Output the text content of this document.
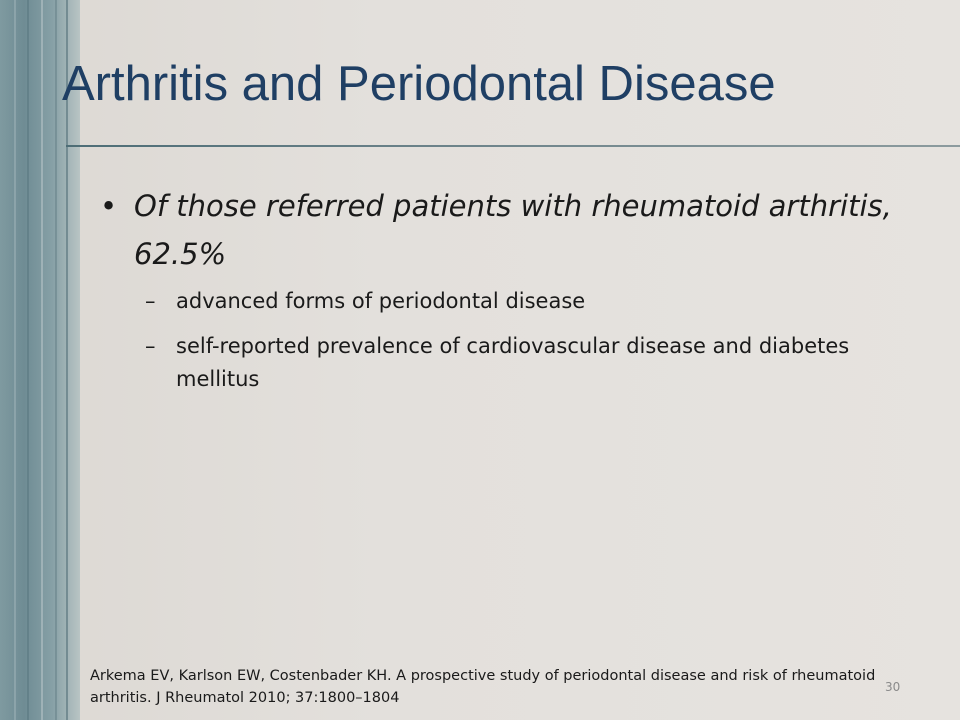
Arthritis and Periodontal Disease
• Of those referred patients with rheumatoid arthritis, 62.5%
– advanced forms of periodontal disease
– self-reported prevalence of cardiovascular disease and diabetes mellitus
Arkema EV, Karlson EW, Costenbader KH. A prospective study of periodontal disease and risk of rheumatoid arthritis. J Rheumatol 2010; 37:1800–1804
30
